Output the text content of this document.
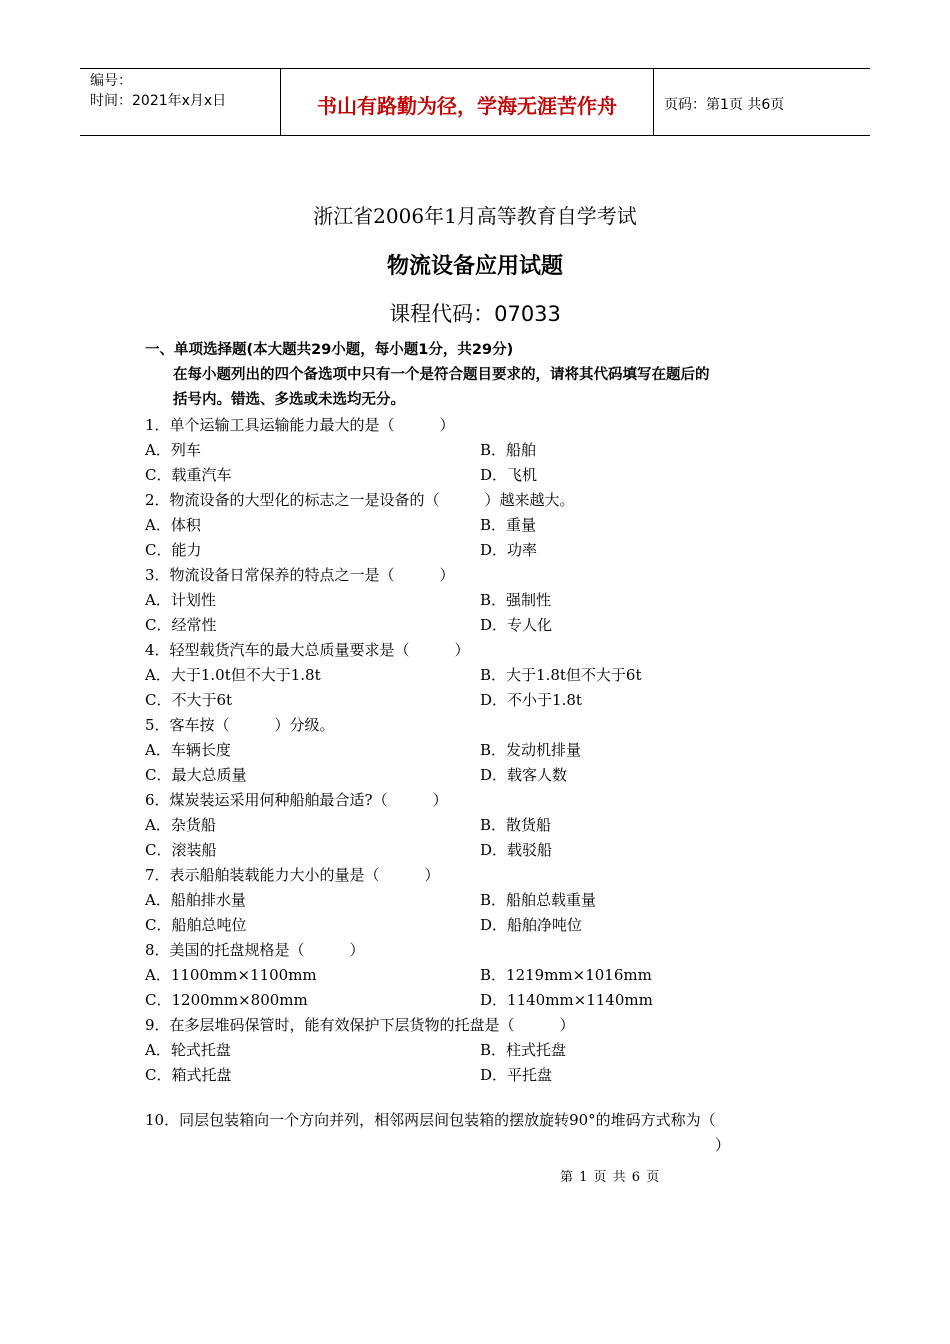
编号：
时间：2021年x月x日	书山有路勤为径，学海无涯苦作舟	页码：第1页 共6页
浙江省2006年1月高等教育自学考试
物流设备应用试题
课程代码：07033
一、单项选择题(本大题共29小题，每小题1分，共29分)
在每小题列出的四个备选项中只有一个是符合题目要求的，请将其代码填写在题后的
括号内。错选、多选或未选均无分。
1．单个运输工具运输能力最大的是（　　　）
A．列车	B．船舶
C．载重汽车	D．飞机
2．物流设备的大型化的标志之一是设备的（　　　）越来越大。
A．体积	B．重量
C．能力	D．功率
3．物流设备日常保养的特点之一是（　　　）
A．计划性	B．强制性
C．经常性	D．专人化
4．轻型载货汽车的最大总质量要求是（　　　）
A．大于1.0t但不大于1.8t	B．大于1.8t但不大于6t
C．不大于6t	D．不小于1.8t
5．客车按（　　　）分级。
A．车辆长度	B．发动机排量
C．最大总质量	D．载客人数
6．煤炭装运采用何种船舶最合适?（　　　）
A．杂货船	B．散货船
C．滚装船	D．载驳船
7．表示船舶装载能力大小的量是（　　　）
A．船舶排水量	B．船舶总载重量
C．船舶总吨位	D．船舶净吨位
8．美国的托盘规格是（　　　）
A．1100mm×1100mm	B．1219mm×1016mm
C．1200mm×800mm	D．1140mm×1140mm
9．在多层堆码保管时，能有效保护下层货物的托盘是（　　　）
A．轮式托盘	B．柱式托盘
C．箱式托盘	D．平托盘
10．同层包装箱向一个方向并列，相邻两层间包装箱的摆放旋转90°的堆码方式称为（
）
第 1 页 共 6 页
